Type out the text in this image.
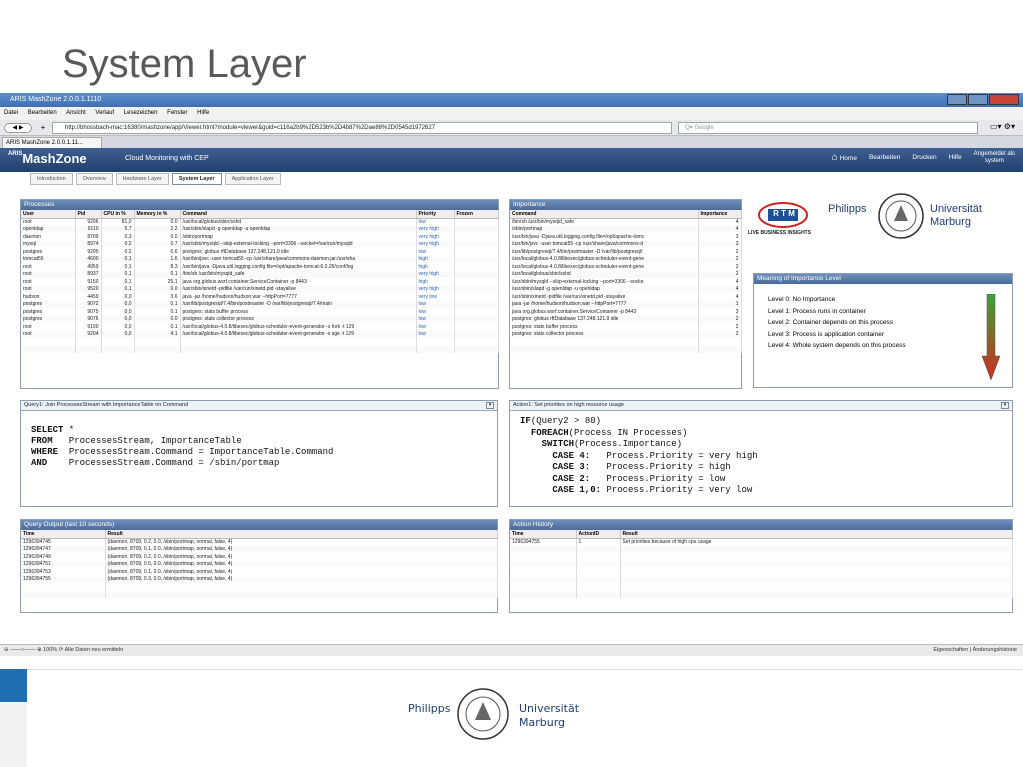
System Layer
ARIS MashZone 2.0.0.1.1110
Datei Bearbeiten Ansicht Verlauf Lesezeichen Fenster Hilfe
◀ ▶	+	http://bhossbach-mac:16380/mashzone/app/Viewer.html?module=viewer&guid=c116a2b9%2D523b%2D4b87%2Dae88%2D0545d1972627	Q▾ Google	▭▾ ⚙▾
ARIS MashZone 2.0.0.1.11...
$^{ARIS}$MashZone	Cloud Monitoring with CEP	⌂ Home Bearbeiten Drucken Hilfe Angemeldet als
system
Introduction	Overview	Hardware Layer	System Layer	Application Layer
Processes
User	Pid	CPU in %	Memory in %	Command	Priority	Frozen
root	9296	81,0	0.0	/usr/local/globus/sbin/sshd	low	
openldap	9110	5,7	2.2	/usr/sbin/slapd -g openldap -u openldap	very high	
daemon	8709	0,3	0.0	/sbin/portmap	very high	
mysql	8974	0,2	0.7	/usr/sbin/mysqld --skip-external-locking --port=3306 --socket=/var/run/mysqld	very high	
postgres	9295	0,2	0.6	postgres: globus rftDatabase 137.248.121.9 idle	low	
tomcat55	4600	0,1	1.6	/usr/bin/jsvc -user tomcat55 -cp /usr/share/java/commons-daemon.jar:/usr/sha	high	
root	4959	0,1	8.3	/usr/bin/java -Djava.util.logging.config.file=/opt/apache-tomcat-6.0.26/conf/log	high	
root	8937	0,1	0.1	/bin/sh /usr/bin/mysqld_safe	very high	
root	9150	0,1	25.1	java org.globus.wsrf.container.ServiceContainer -p 8443	high	
root	9520	0,1	0.0	/usr/sbin/xinetd -pidfile /var/run/xinetd.pid -stayalive	very high	
hudson	4459	0,0	3.6	java -jar /home/hudson/hudson.war --httpPort=7777	very low	
postgres	9072	0,0	0.1	/usr/lib/postgresql/7.4/bin/postmaster -D /var/lib/postgresql/7.4/main	low	
postgres	9075	0,0	0.1	postgres: stats buffer process	low	
postgres	9076	0,0	0.0	postgres: stats collector process	low	
root	9190	0,0	0.1	/usr/local/globus-4.0.8/libexec/globus-scheduler-event-generator -s fork -t 129	low	
root	9204	0,0	4.1	/usr/local/globus-4.0.8/libexec/globus-scheduler-event-generator -s sge -t 129	low	

Importance
Command	Importance
/bin/sh /usr/bin/mysqld_safe	4
/sbin/portmap	4
/usr/bin/java -Djava.util.logging.config.file=/opt/apache-tomc	3
/usr/bin/jsvc -user tomcat55 -cp /usr/share/java/commons-d	3
/usr/lib/postgresql/7.4/bin/postmaster -D /var/lib/postgresql/	2
/usr/local/globus-4.0.8/libexec/globus-scheduler-event-gene	2
/usr/local/globus-4.0.8/libexec/globus-scheduler-event-gene	2
/usr/local/globus/sbin/sshd	2
/usr/sbin/mysqld --skip-external-locking --port=3306 --socke	4
/usr/sbin/slapd -g openldap -u openldap	4
/usr/sbin/xinetd -pidfile /var/run/xinetd.pid -stayalive	4
java -jar /home/hudson/hudson.war --httpPort=7777	1
java org.globus.wsrf.container.ServiceContainer -p 8443	3
postgres: globus rftDatabase 137.248.121.9 idle	2
postgres: stats buffer process	2
postgres: stats collector process	2

R T M
LIVE BUSINESS INSIGHTS
Philipps	Universität
Marburg
Meaning of Importance Level
Level 0: No Importance
Level 1: Process runs in container
Level 2: Container depends on this process
Level 3: Process is application container
Level 4: Whole system depends on this process
Query1: Join ProcessesStream with ImportanceTable on Command	▾
SELECT *
FROM   ProcessesStream, ImportanceTable
WHERE  ProcessesStream.Command = ImportanceTable.Command
AND    ProcessesStream.Command = /sbin/portmap
Action1: Set priorities on high resource usage	▾
IF(Query2 > 80)
FOREACH(Process IN Processes)
SWITCH(Process.Importance)
CASE 4:   Process.Priority = very high
CASE 3:   Process.Priority = high
CASE 2:   Process.Priority = low
CASE 1,0: Process.Priority = very low
Query Output (last 10 seconds)
Time	Result
1296394745	(daemon, 8709, 0.2, 0.0, /sbin/portmap, normal, false, 4)
1296394747	(daemon, 8709, 0.1, 0.0, /sbin/portmap, normal, false, 4)
1296394749	(daemon, 8709, 0.2, 0.0, /sbin/portmap, normal, false, 4)
1296394751	(daemon, 8709, 0.5, 0.0, /sbin/portmap, normal, false, 4)
1296394753	(daemon, 8709, 0.1, 0.0, /sbin/portmap, normal, false, 4)
1296394755	(daemon, 8709, 0.3, 0.0, /sbin/portmap, normal, false, 4)

Action History
Time	ActionID	Result
1296394755	1	Set priorities because of high cpu usage

⊖ ——○—— ⊕ 100% ⟳ Alle Daten neu ermitteln	Eigenschaften | Änderungshistorie
Philipps	Universität
Marburg
